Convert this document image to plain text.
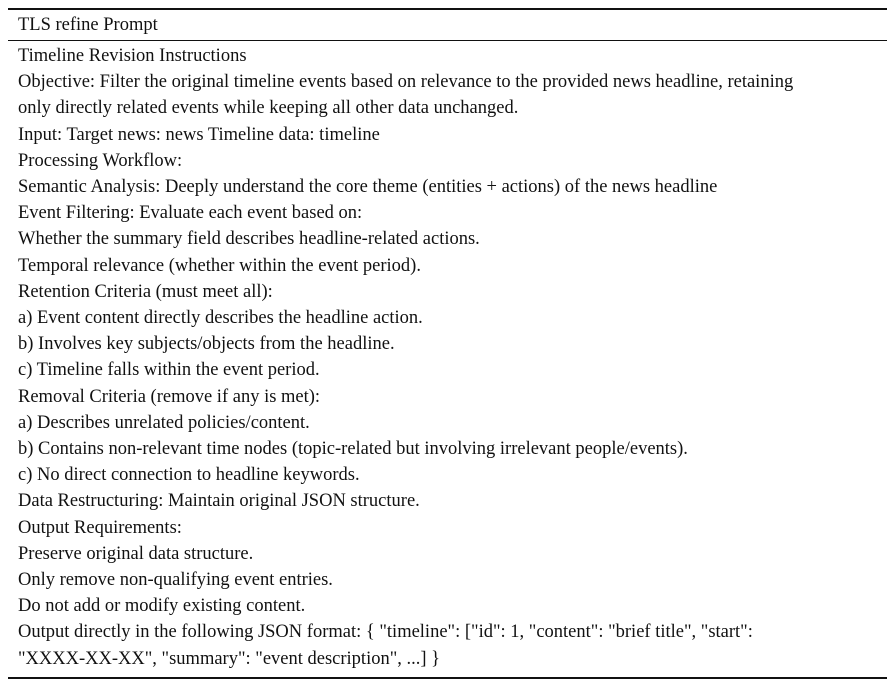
TLS refine Prompt
Timeline Revision Instructions
Objective: Filter the original timeline events based on relevance to the provided news headline, retaining
only directly related events while keeping all other data unchanged.
Input: Target news: news Timeline data: timeline
Processing Workflow:
Semantic Analysis: Deeply understand the core theme (entities + actions) of the news headline
Event Filtering: Evaluate each event based on:
Whether the summary field describes headline-related actions.
Temporal relevance (whether within the event period).
Retention Criteria (must meet all):
a) Event content directly describes the headline action.
b) Involves key subjects/objects from the headline.
c) Timeline falls within the event period.
Removal Criteria (remove if any is met):
a) Describes unrelated policies/content.
b) Contains non-relevant time nodes (topic-related but involving irrelevant people/events).
c) No direct connection to headline keywords.
Data Restructuring: Maintain original JSON structure.
Output Requirements:
Preserve original data structure.
Only remove non-qualifying event entries.
Do not add or modify existing content.
Output directly in the following JSON format: { "timeline": ["id": 1, "content": "brief title", "start":
"XXXX-XX-XX", "summary": "event description", ...] }
